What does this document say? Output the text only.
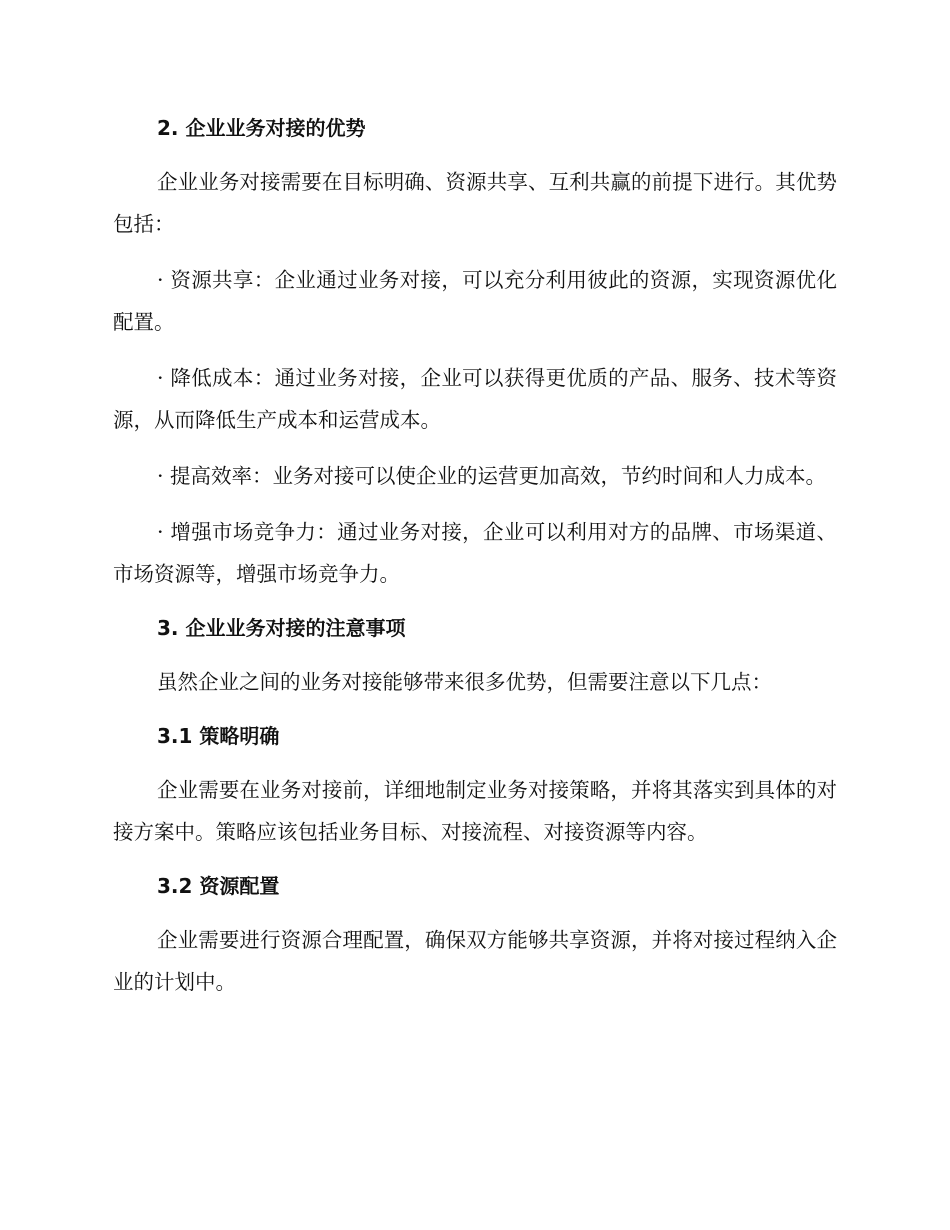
2. 企业业务对接的优势

企业业务对接需要在目标明确、资源共享、互利共赢的前提下进行。其优势包括：

· 资源共享：企业通过业务对接，可以充分利用彼此的资源，实现资源优化配置。

· 降低成本：通过业务对接，企业可以获得更优质的产品、服务、技术等资源，从而降低生产成本和运营成本。

· 提高效率：业务对接可以使企业的运营更加高效，节约时间和人力成本。

· 增强市场竞争力：通过业务对接，企业可以利用对方的品牌、市场渠道、市场资源等，增强市场竞争力。

3. 企业业务对接的注意事项

虽然企业之间的业务对接能够带来很多优势，但需要注意以下几点：

3.1 策略明确

企业需要在业务对接前，详细地制定业务对接策略，并将其落实到具体的对接方案中。策略应该包括业务目标、对接流程、对接资源等内容。

3.2 资源配置

企业需要进行资源合理配置，确保双方能够共享资源，并将对接过程纳入企业的计划中。
